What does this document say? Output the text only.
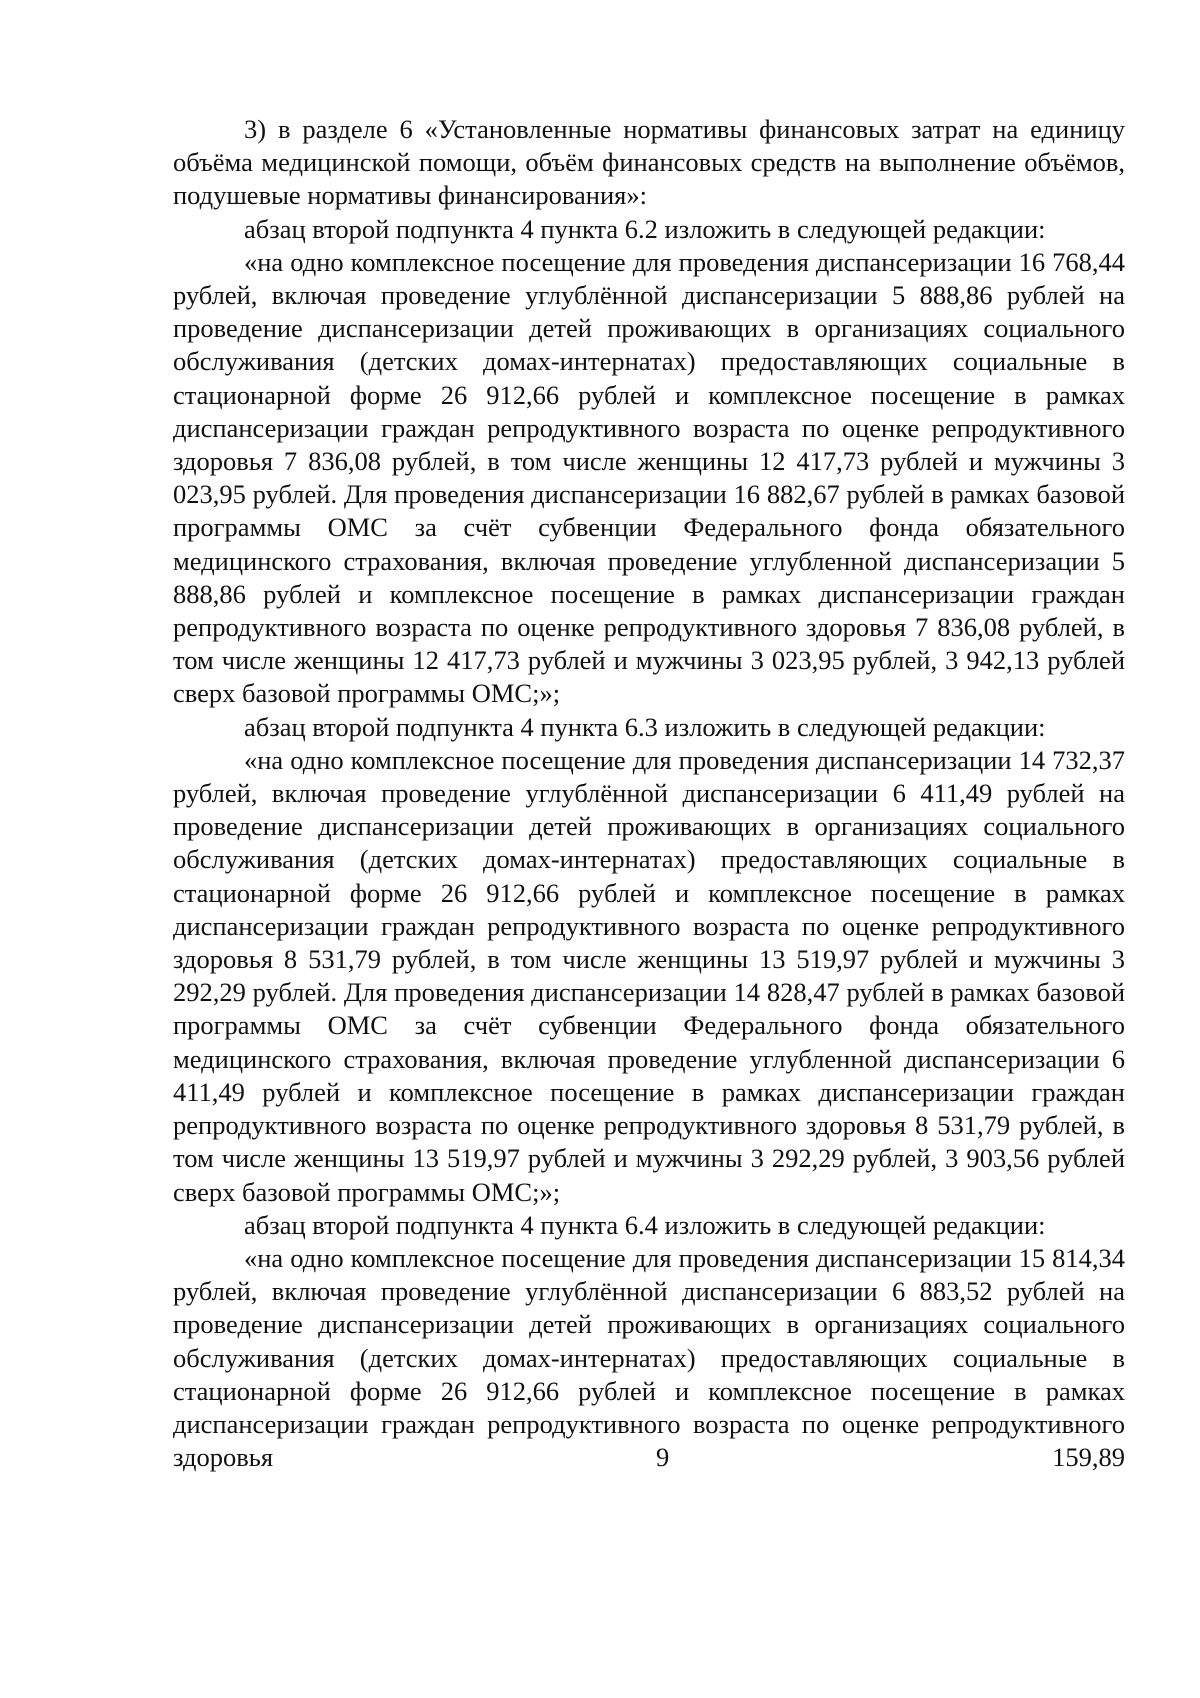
3) в разделе 6 «Установленные нормативы финансовых затрат на единицу объёма медицинской помощи, объём финансовых средств на выполнение объёмов, подушевые нормативы финансирования»:

абзац второй подпункта 4 пункта 6.2 изложить в следующей редакции:

«на одно комплексное посещение для проведения диспансеризации 16 768,44 рублей, включая проведение углублённой диспансеризации 5 888,86 рублей на проведение диспансеризации детей проживающих в организациях социального обслуживания (детских домах-интернатах) предоставляющих социальные в стационарной форме 26 912,66 рублей и комплексное посещение в рамках диспансеризации граждан репродуктивного возраста по оценке репродуктивного здоровья 7 836,08 рублей, в том числе женщины 12 417,73 рублей и мужчины 3 023,95 рублей. Для проведения диспансеризации 16 882,67 рублей в рамках базовой программы ОМС за счёт субвенции Федерального фонда обязательного медицинского страхования, включая проведение углубленной диспансеризации 5 888,86 рублей и комплексное посещение в рамках диспансеризации граждан репродуктивного возраста по оценке репродуктивного здоровья 7 836,08 рублей, в том числе женщины 12 417,73 рублей и мужчины 3 023,95 рублей, 3 942,13 рублей сверх базовой программы ОМС;»;

абзац второй подпункта 4 пункта 6.3 изложить в следующей редакции:

«на одно комплексное посещение для проведения диспансеризации 14 732,37 рублей, включая проведение углублённой диспансеризации 6 411,49 рублей на проведение диспансеризации детей проживающих в организациях социального обслуживания (детских домах-интернатах) предоставляющих социальные в стационарной форме 26 912,66 рублей и комплексное посещение в рамках диспансеризации граждан репродуктивного возраста по оценке репродуктивного здоровья 8 531,79 рублей, в том числе женщины 13 519,97 рублей и мужчины 3 292,29 рублей. Для проведения диспансеризации 14 828,47 рублей в рамках базовой программы ОМС за счёт субвенции Федерального фонда обязательного медицинского страхования, включая проведение углубленной диспансеризации 6 411,49 рублей и комплексное посещение в рамках диспансеризации граждан репродуктивного возраста по оценке репродуктивного здоровья 8 531,79 рублей, в том числе женщины 13 519,97 рублей и мужчины 3 292,29 рублей, 3 903,56 рублей сверх базовой программы ОМС;»;

абзац второй подпункта 4 пункта 6.4 изложить в следующей редакции:

«на одно комплексное посещение для проведения диспансеризации 15 814,34 рублей, включая проведение углублённой диспансеризации 6 883,52 рублей на проведение диспансеризации детей проживающих в организациях социального обслуживания (детских домах-интернатах) предоставляющих социальные в стационарной форме 26 912,66 рублей и комплексное посещение в рамках диспансеризации граждан репродуктивного возраста по оценке репродуктивного здоровья 9 159,89
